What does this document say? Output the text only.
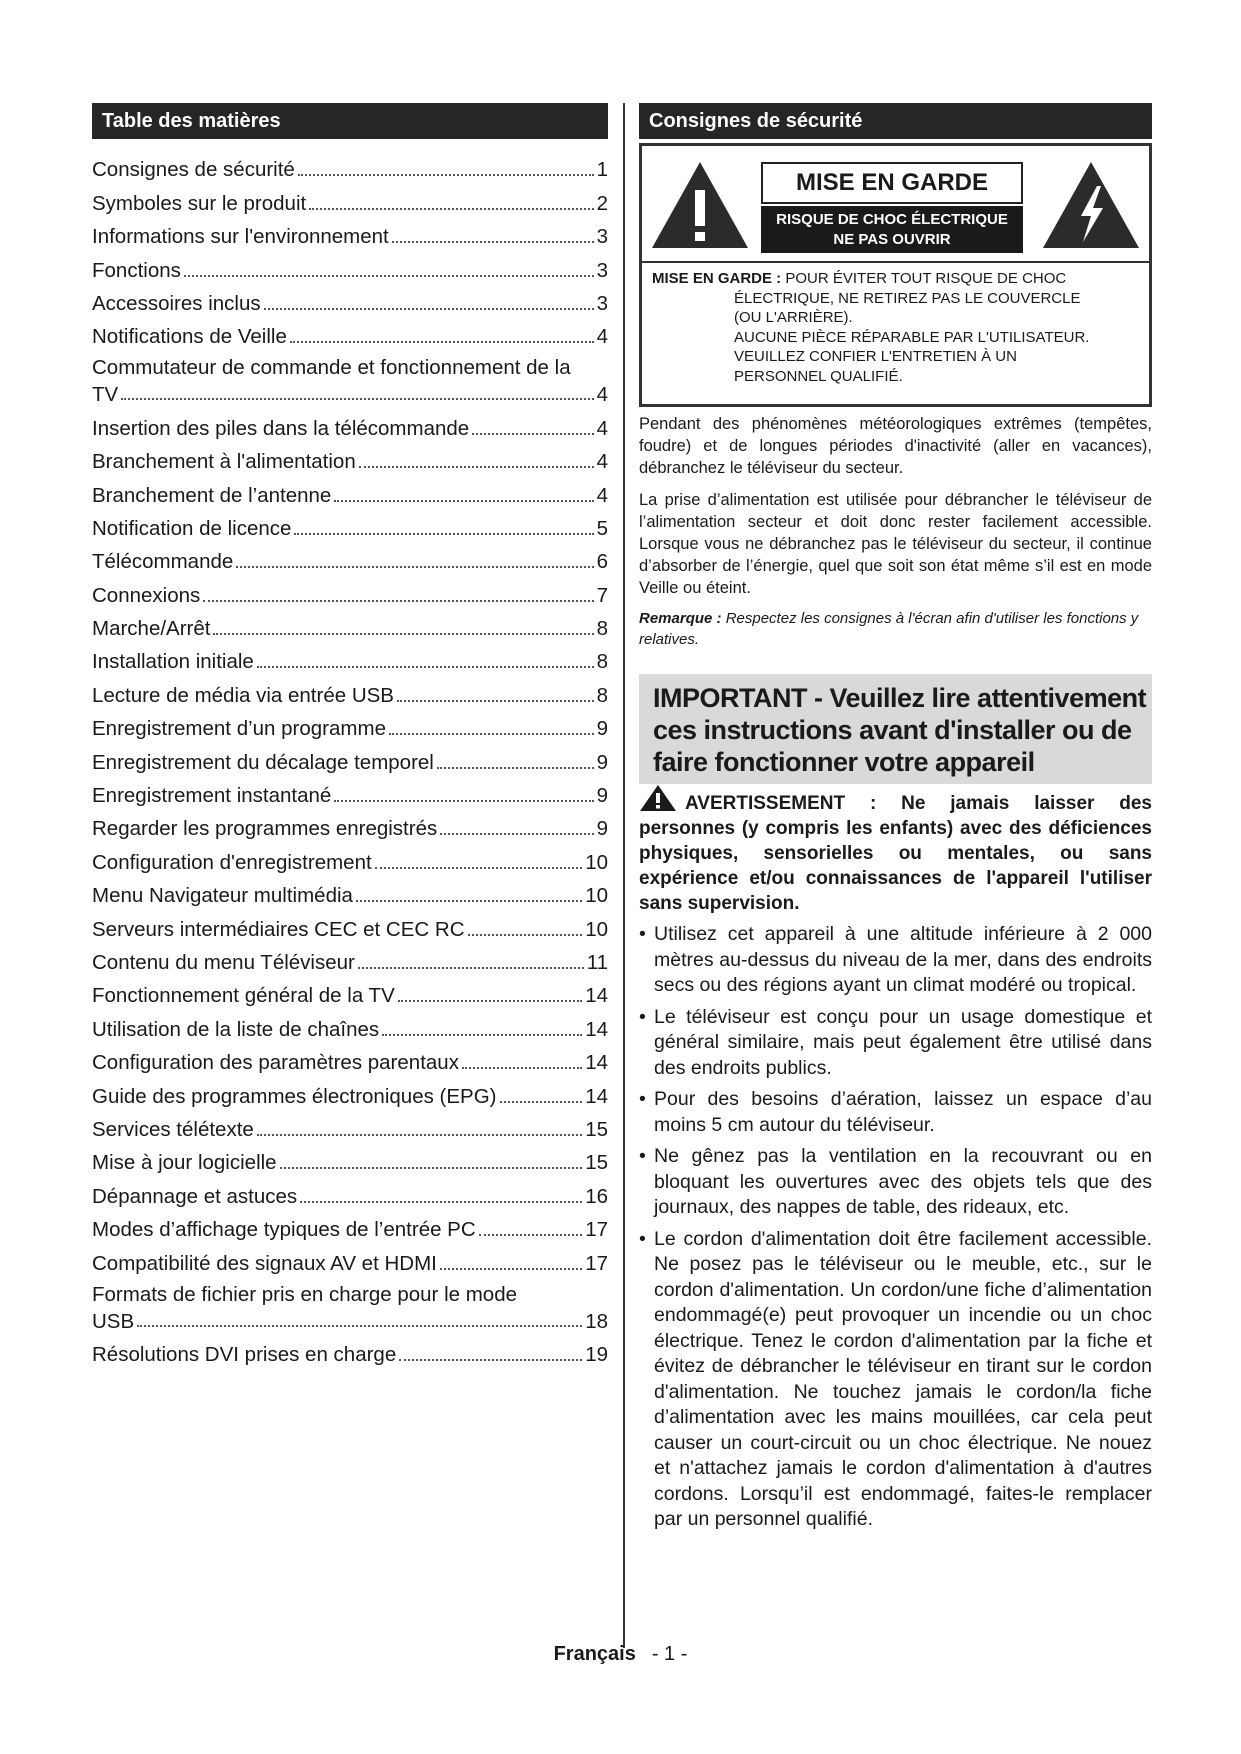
Table des matières
Consignes de sécurité	1
Symboles sur le produit	2
Informations sur l'environnement	3
Fonctions	3
Accessoires inclus	3
Notifications de Veille	4
Commutateur de commande et fonctionnement de la
TV	4
Insertion des piles dans la télécommande	4
Branchement à l'alimentation	4
Branchement de l’antenne	4
Notification de licence	5
Télécommande	6
Connexions	7
Marche/Arrêt	8
Installation initiale	8
Lecture de média via entrée USB	8
Enregistrement d’un programme	9
Enregistrement du décalage temporel	9
Enregistrement instantané	9
Regarder les programmes enregistrés	9
Configuration d'enregistrement	10
Menu Navigateur multimédia	10
Serveurs intermédiaires CEC et CEC RC	10
Contenu du menu Téléviseur	11
Fonctionnement général de la TV	14
Utilisation de la liste de chaînes	14
Configuration des paramètres parentaux	14
Guide des programmes électroniques (EPG)	14
Services télétexte	15
Mise à jour logicielle	15
Dépannage et astuces	16
Modes d’affichage typiques de l’entrée PC	17
Compatibilité des signaux AV et HDMI	17
Formats de fichier pris en charge pour le mode
USB	18
Résolutions DVI prises en charge	19
Consignes de sécurité
MISE EN GARDE
RISQUE DE CHOC ÉLECTRIQUE
NE PAS OUVRIR
MISE EN GARDE : POUR ÉVITER TOUT RISQUE DE CHOC
ÉLECTRIQUE, NE RETIREZ PAS LE COUVERCLE
(OU L'ARRIÈRE).
AUCUNE PIÈCE RÉPARABLE PAR L'UTILISATEUR.
VEUILLEZ CONFIER L'ENTRETIEN À UN
PERSONNEL QUALIFIÉ.

Pendant des phénomènes météorologiques extrêmes (tempêtes, foudre) et de longues périodes d'inactivité (aller en vacances), débranchez le téléviseur du secteur.

La prise d’alimentation est utilisée pour débrancher le téléviseur de l’alimentation secteur et doit donc rester facilement accessible. Lorsque vous ne débranchez pas le téléviseur du secteur, il continue d’absorber de l’énergie, quel que soit son état même s’il est en mode Veille ou éteint.

Remarque : Respectez les consignes à l'écran afin d'utiliser les fonctions y relatives.

IMPORTANT - Veuillez lire attentivement ces instructions avant d'installer ou de faire fonctionner votre appareil

AVERTISSEMENT : Ne jamais laisser des personnes (y compris les enfants) avec des déficiences physiques, sensorielles ou mentales, ou sans expérience et/ou connaissances de l'appareil l'utiliser sans supervision.

• Utilisez cet appareil à une altitude inférieure à 2 000 mètres au-dessus du niveau de la mer, dans des endroits secs ou des régions ayant un climat modéré ou tropical.
• Le téléviseur est conçu pour un usage domestique et général similaire, mais peut également être utilisé dans des endroits publics.
• Pour des besoins d’aération, laissez un espace d’au moins 5 cm autour du téléviseur.
• Ne gênez pas la ventilation en la recouvrant ou en bloquant les ouvertures avec des objets tels que des journaux, des nappes de table, des rideaux, etc.
• Le cordon d'alimentation doit être facilement accessible. Ne posez pas le téléviseur ou le meuble, etc., sur le cordon d'alimentation. Un cordon/une fiche d’alimentation endommagé(e) peut provoquer un incendie ou un choc électrique. Tenez le cordon d'alimentation par la fiche et évitez de débrancher le téléviseur en tirant sur le cordon d'alimentation. Ne touchez jamais le cordon/la fiche d’alimentation avec les mains mouillées, car cela peut causer un court-circuit ou un choc électrique. Ne nouez et n'attachez jamais le cordon d'alimentation à d'autres cordons. Lorsqu’il est endommagé, faites-le remplacer par un personnel qualifié.
Français - 1 -
